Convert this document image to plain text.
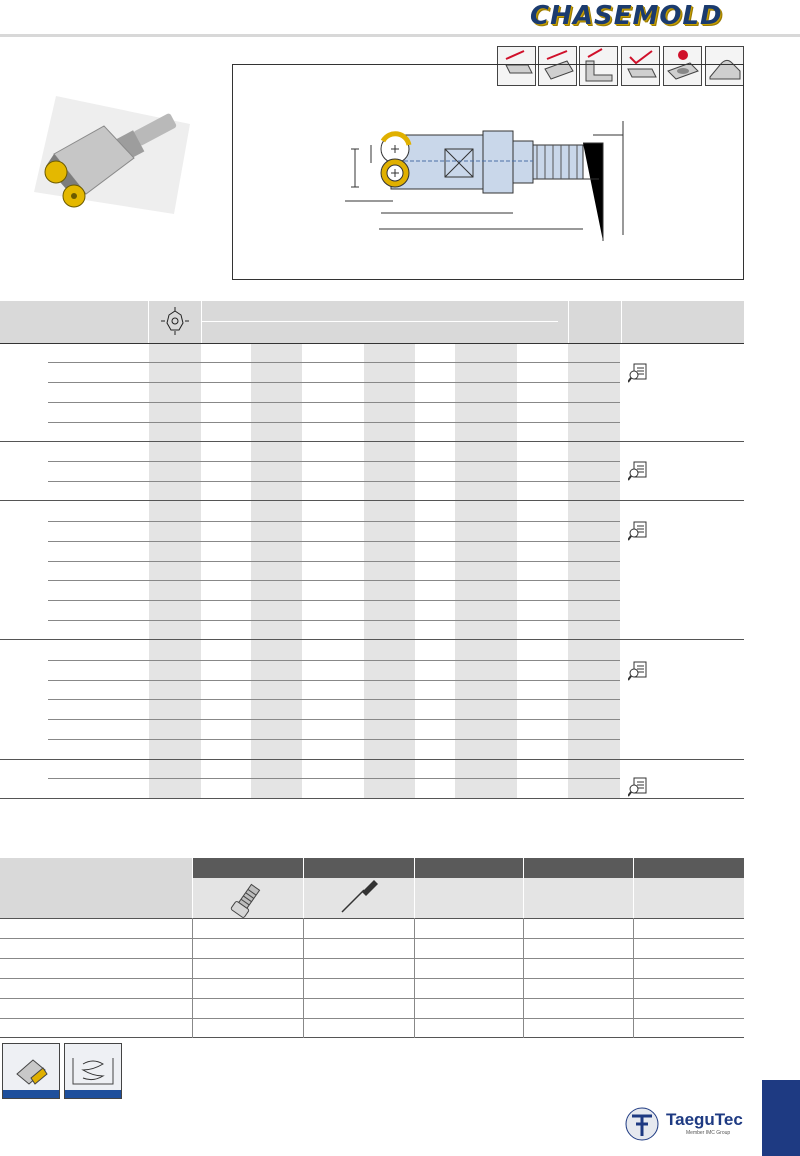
CHASEMOLD
TaeguTec
Member IMC Group
